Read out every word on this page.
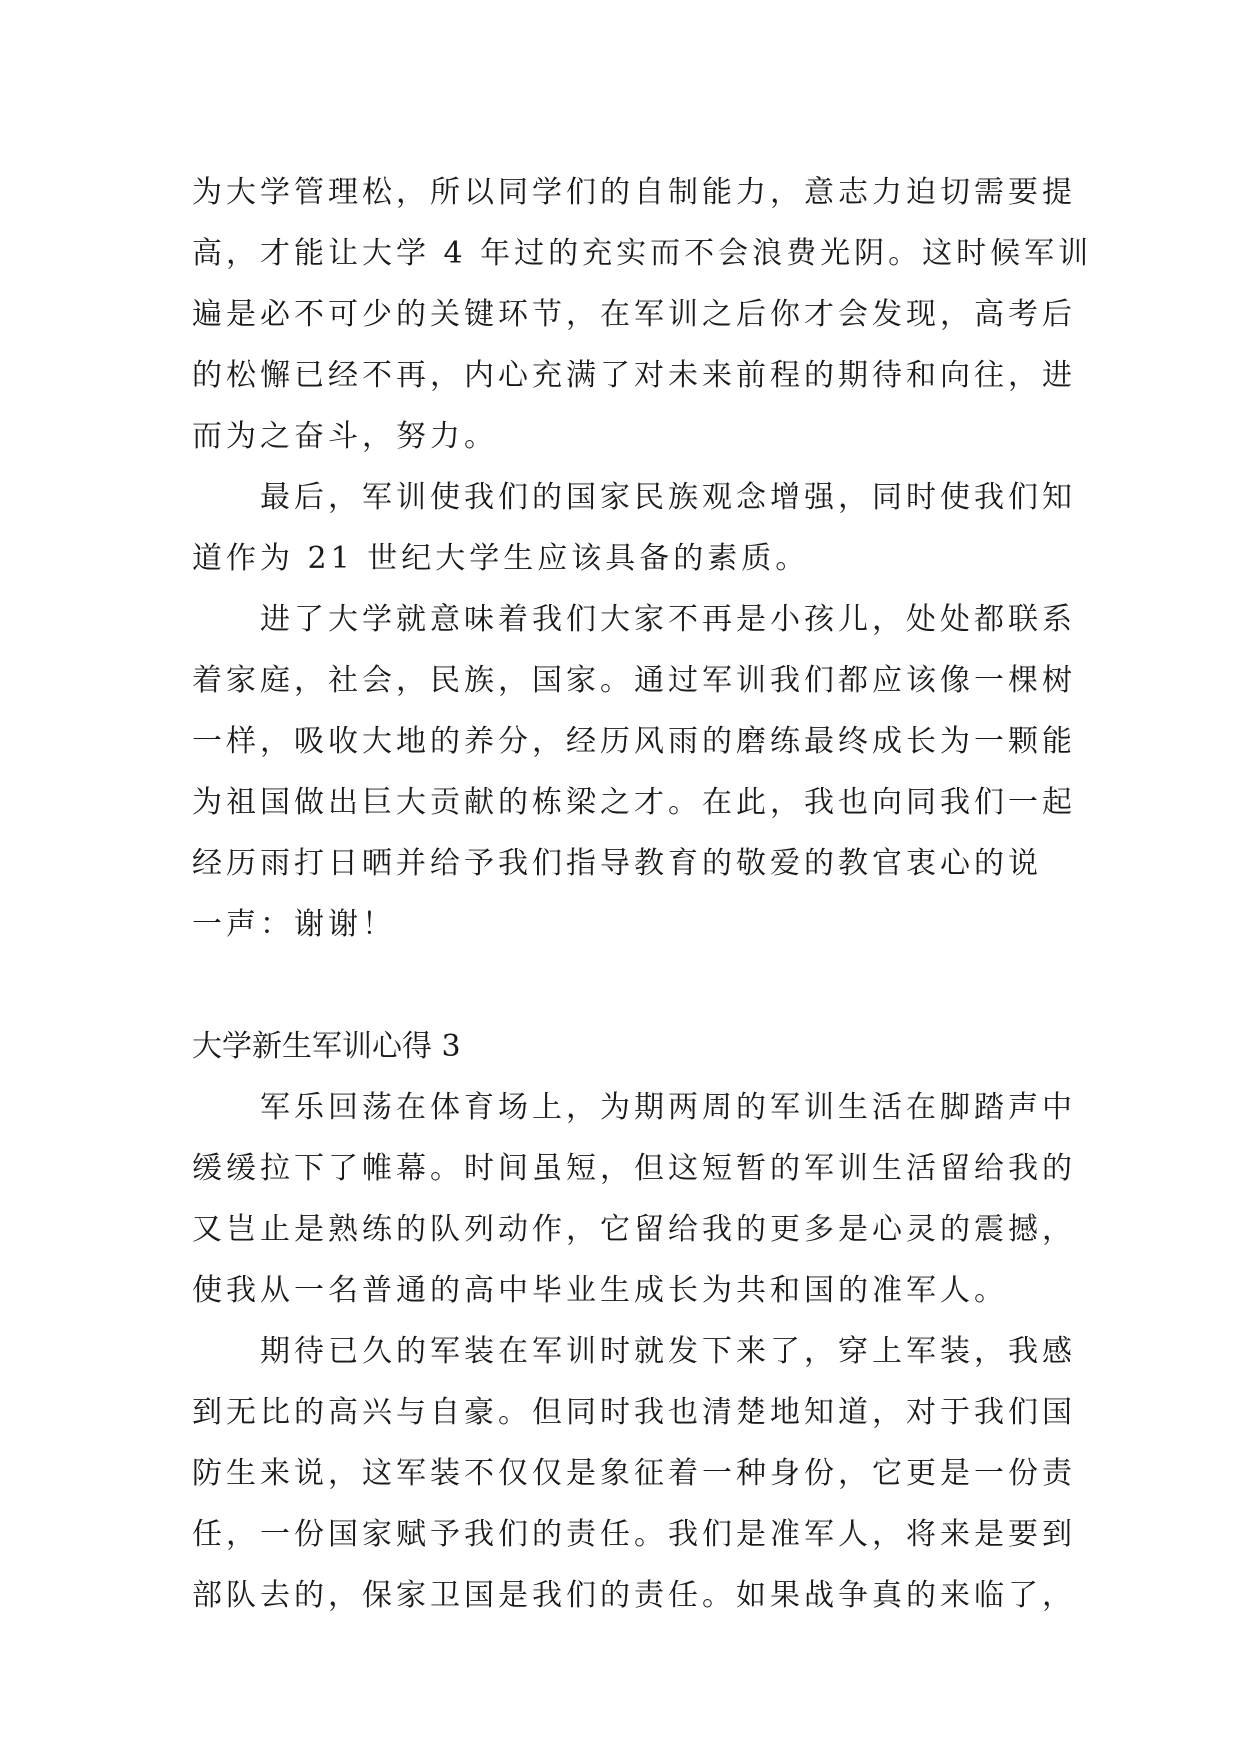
为大学管理松，所以同学们的自制能力，意志力迫切需要提
高，才能让大学 4 年过的充实而不会浪费光阴。这时候军训
遍是必不可少的关键环节，在军训之后你才会发现，高考后
的松懈已经不再，内心充满了对未来前程的期待和向往，进
而为之奋斗，努力。
最后，军训使我们的国家民族观念增强，同时使我们知
道作为 21 世纪大学生应该具备的素质。
进了大学就意味着我们大家不再是小孩儿，处处都联系
着家庭，社会，民族，国家。通过军训我们都应该像一棵树
一样，吸收大地的养分，经历风雨的磨练最终成长为一颗能
为祖国做出巨大贡献的栋梁之才。在此，我也向同我们一起
经历雨打日晒并给予我们指导教育的敬爱的教官衷心的说
一声：谢谢！
大学新生军训心得 3
军乐回荡在体育场上，为期两周的军训生活在脚踏声中
缓缓拉下了帷幕。时间虽短，但这短暂的军训生活留给我的
又岂止是熟练的队列动作，它留给我的更多是心灵的震撼，
使我从一名普通的高中毕业生成长为共和国的准军人。
期待已久的军装在军训时就发下来了，穿上军装，我感
到无比的高兴与自豪。但同时我也清楚地知道，对于我们国
防生来说，这军装不仅仅是象征着一种身份，它更是一份责
任，一份国家赋予我们的责任。我们是准军人，将来是要到
部队去的，保家卫国是我们的责任。如果战争真的来临了，
